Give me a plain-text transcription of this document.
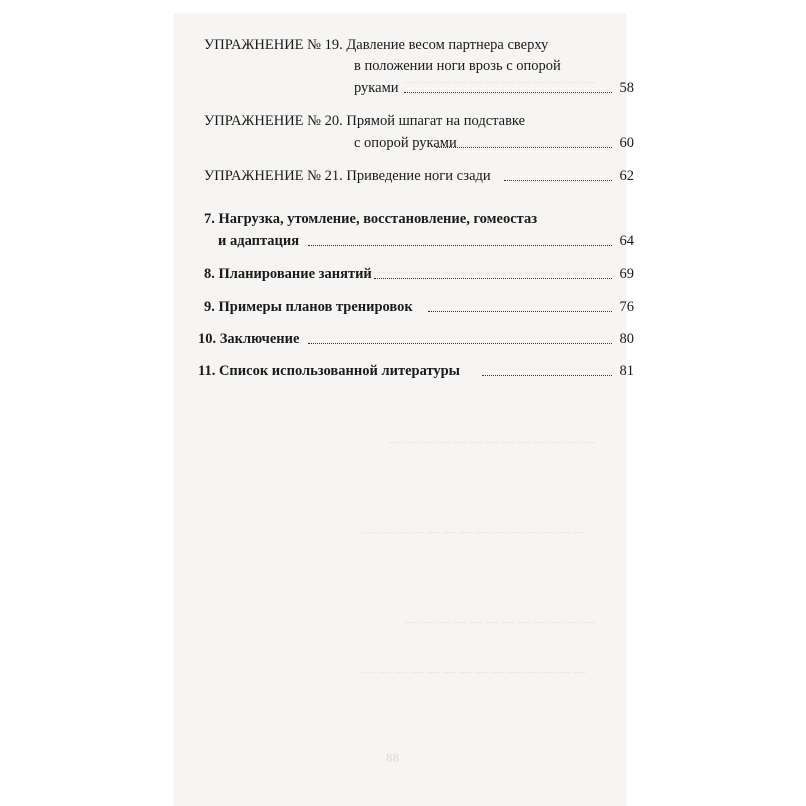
— — — — — — — — — — — —
— — — — — — — — — — — — — —
— — — — — — — — — — — — —
— — — — — — — — — — — — — —
— — — — — — — — — — — —
— — — — — — — — — — — — — —
УПРАЖНЕНИЕ № 19. Давление весом партнера сверху
в положении ноги врозь с опорой
руками	58
УПРАЖНЕНИЕ № 20. Прямой шпагат на подставке
с опорой руками	60
УПРАЖНЕНИЕ № 21. Приведение ноги сзади	62
7. Нагрузка, утомление, восстановление, гомеостаз
и адаптация	64
8. Планирование занятий	69
9. Примеры планов тренировок	76
10. Заключение	80
11. Список использованной литературы	81
88
